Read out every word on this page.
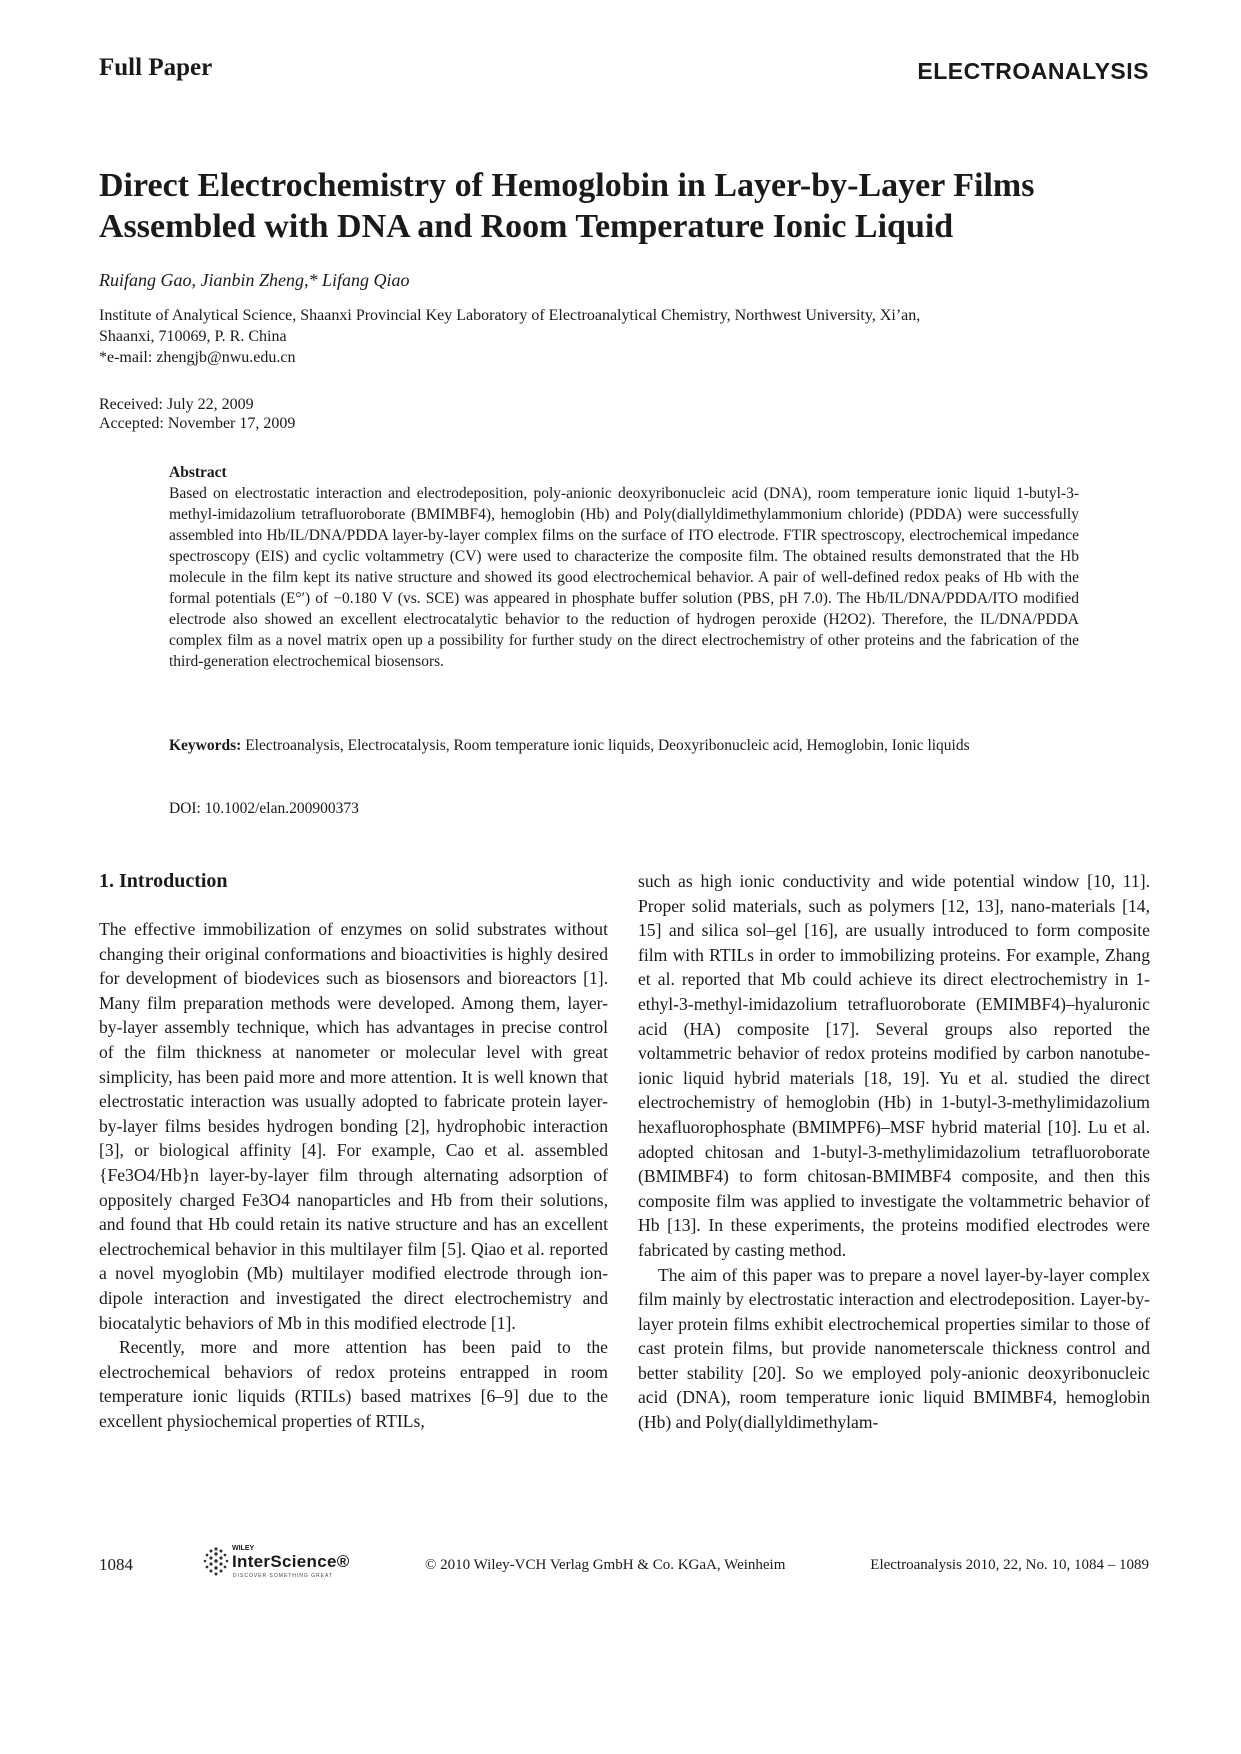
Full Paper	ELECTROANALYSIS
Direct Electrochemistry of Hemoglobin in Layer-by-Layer Films
Assembled with DNA and Room Temperature Ionic Liquid
Ruifang Gao, Jianbin Zheng,* Lifang Qiao
Institute of Analytical Science, Shaanxi Provincial Key Laboratory of Electroanalytical Chemistry, Northwest University, Xi’an,
Shaanxi, 710069, P. R. China
*e-mail: zhengjb@nwu.edu.cn
Received: July 22, 2009
Accepted: November 17, 2009
Abstract
Based on electrostatic interaction and electrodeposition, poly-anionic deoxyribonucleic acid (DNA), room temperature ionic liquid 1-butyl-3-methyl-imidazolium tetrafluoroborate (BMIMBF4), hemoglobin (Hb) and Poly(diallyldimethylammonium chloride) (PDDA) were successfully assembled into Hb/IL/DNA/PDDA layer-by-layer complex films on the surface of ITO electrode. FTIR spectroscopy, electrochemical impedance spectroscopy (EIS) and cyclic voltammetry (CV) were used to characterize the composite film. The obtained results demonstrated that the Hb molecule in the film kept its native structure and showed its good electrochemical behavior. A pair of well-defined redox peaks of Hb with the formal potentials (E°′) of −0.180 V (vs. SCE) was appeared in phosphate buffer solution (PBS, pH 7.0). The Hb/IL/DNA/PDDA/ITO modified electrode also showed an excellent electrocatalytic behavior to the reduction of hydrogen peroxide (H2O2). Therefore, the IL/DNA/PDDA complex film as a novel matrix open up a possibility for further study on the direct electrochemistry of other proteins and the fabrication of the third-generation electrochemical biosensors.
Keywords: Electroanalysis, Electrocatalysis, Room temperature ionic liquids, Deoxyribonucleic acid, Hemoglobin, Ionic liquids
DOI: 10.1002/elan.200900373
1. Introduction

The effective immobilization of enzymes on solid substrates without changing their original conformations and bioactivities is highly desired for development of biodevices such as biosensors and bioreactors [1]. Many film preparation methods were developed. Among them, layer-by-layer assembly technique, which has advantages in precise control of the film thickness at nanometer or molecular level with great simplicity, has been paid more and more attention. It is well known that electrostatic interaction was usually adopted to fabricate protein layer-by-layer films besides hydrogen bonding [2], hydrophobic interaction [3], or biological affinity [4]. For example, Cao et al. assembled {Fe3O4/Hb}n layer-by-layer film through alternating adsorption of oppositely charged Fe3O4 nanoparticles and Hb from their solutions, and found that Hb could retain its native structure and has an excellent electrochemical behavior in this multilayer film [5]. Qiao et al. reported a novel myoglobin (Mb) multilayer modified electrode through ion-dipole interaction and investigated the direct electrochemistry and biocatalytic behaviors of Mb in this modified electrode [1].

Recently, more and more attention has been paid to the electrochemical behaviors of redox proteins entrapped in room temperature ionic liquids (RTILs) based matrixes [6–9] due to the excellent physiochemical properties of RTILs,

such as high ionic conductivity and wide potential window [10, 11]. Proper solid materials, such as polymers [12, 13], nano-materials [14, 15] and silica sol–gel [16], are usually introduced to form composite film with RTILs in order to immobilizing proteins. For example, Zhang et al. reported that Mb could achieve its direct electrochemistry in 1-ethyl-3-methyl-imidazolium tetrafluoroborate (EMIMBF4)–hyaluronic acid (HA) composite [17]. Several groups also reported the voltammetric behavior of redox proteins modified by carbon nanotube-ionic liquid hybrid materials [18, 19]. Yu et al. studied the direct electrochemistry of hemoglobin (Hb) in 1-butyl-3-methylimidazolium hexafluorophosphate (BMIMPF6)–MSF hybrid material [10]. Lu et al. adopted chitosan and 1-butyl-3-methylimidazolium tetrafluoroborate (BMIMBF4) to form chitosan-BMIMBF4 composite, and then this composite film was applied to investigate the voltammetric behavior of Hb [13]. In these experiments, the proteins modified electrodes were fabricated by casting method.

The aim of this paper was to prepare a novel layer-by-layer complex film mainly by electrostatic interaction and electrodeposition. Layer-by-layer protein films exhibit electrochemical properties similar to those of cast protein films, but provide nanometerscale thickness control and better stability [20]. So we employed poly-anionic deoxyribonucleic acid (DNA), room temperature ionic liquid BMIMBF4, hemoglobin (Hb) and Poly(diallyldimethylam-

1084
WILEY
InterScience®
DISCOVER SOMETHING GREAT
© 2010 Wiley-VCH Verlag GmbH & Co. KGaA, Weinheim	Electroanalysis 2010, 22, No. 10, 1084 – 1089
